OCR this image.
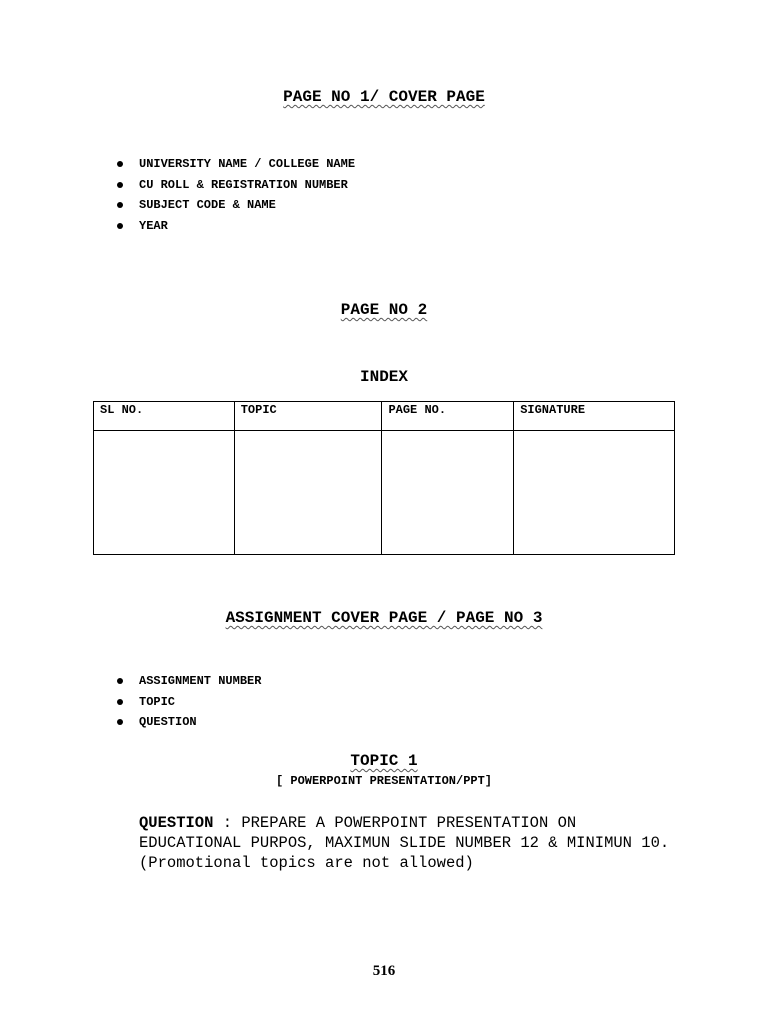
PAGE NO 1/ COVER PAGE
UNIVERSITY NAME / COLLEGE NAME
CU ROLL & REGISTRATION NUMBER
SUBJECT CODE & NAME
YEAR
PAGE NO 2
INDEX
SL NO.	TOPIC	PAGE NO.	SIGNATURE

ASSIGNMENT COVER PAGE / PAGE NO 3
ASSIGNMENT NUMBER
TOPIC
QUESTION
TOPIC 1

[ POWERPOINT PRESENTATION/PPT]

QUESTION : PREPARE A POWERPOINT PRESENTATION ON EDUCATIONAL PURPOS, MAXIMUN SLIDE NUMBER 12 & MINIMUN 10.(Promotional topics are not allowed)

516
